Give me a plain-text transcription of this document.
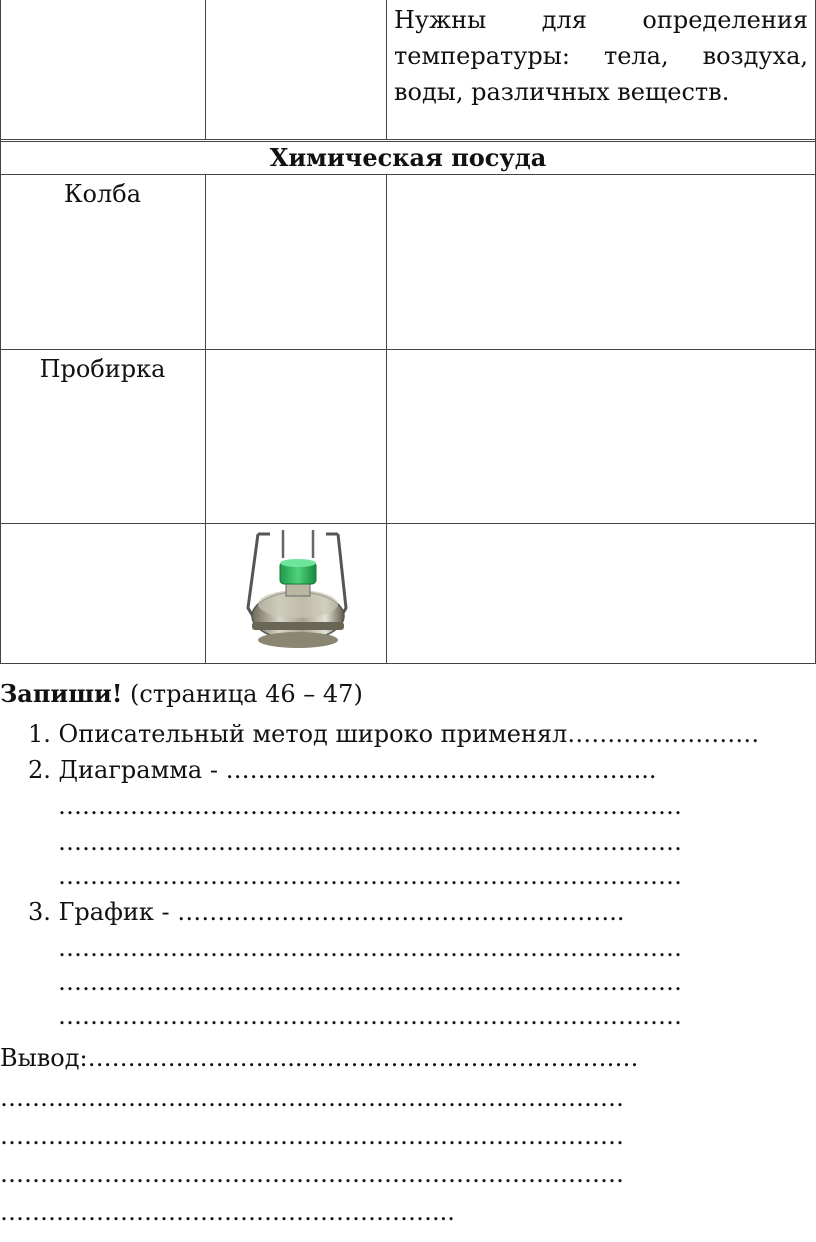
Нужны для определения
температуры: тела, воздуха,
воды, различных веществ.
Химическая посуда
Колба
Пробирка
Запиши! (страница 46 – 47)
1. Описательный метод широко применял……………………
2. Диаграмма - ……………………………………………...
……………………………………………………………………
……………………………………………………………………
……………………………………………………………………
3. График - ………………………………………………..
……………………………………………………………………
……………………………………………………………………
……………………………………………………………………
Вывод:……………………...……………………………………
……………………………………………………………………
……………………………………………………………………
……………………………………………………………………
………………………………………………...
